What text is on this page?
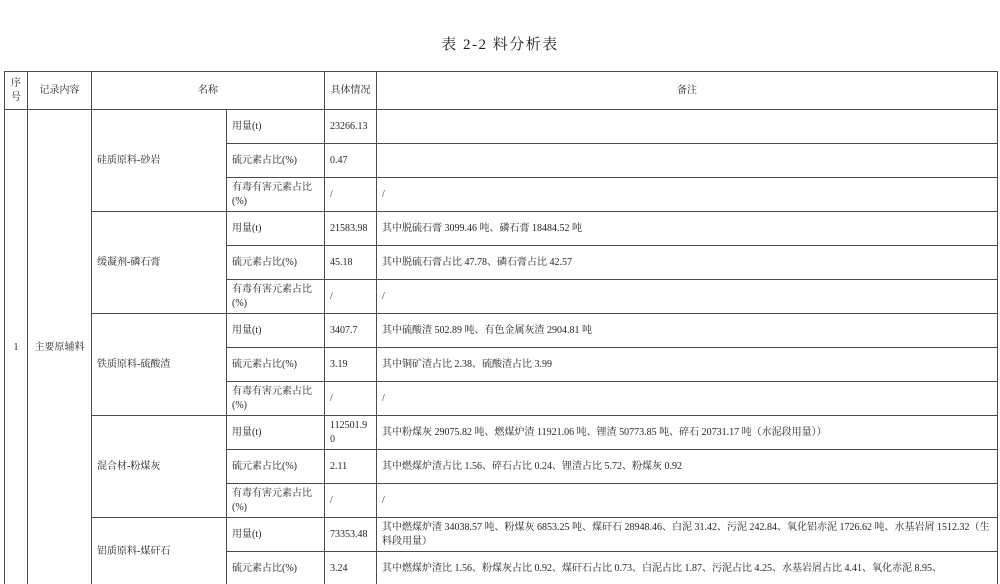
表 2-2 料分析表
序号	记录内容	名称		具体情况	备注
1	主要原辅料	硅质原料-砂岩	用量(t)	23266.13	
			硫元素占比(%)	0.47	
			有毒有害元素占比(%)	/	/
		缓凝剂-磷石膏	用量(t)	21583.98	其中脱硫石膏 3099.46 吨、磷石膏 18484.52 吨
			硫元素占比(%)	45.18	其中脱硫石膏占比 47.78、磷石膏占比 42.57
			有毒有害元素占比(%)	/	/
		铁质原料-硫酸渣	用量(t)	3407.7	其中硫酸渣 502.89 吨、有色金属灰渣 2904.81 吨
			硫元素占比(%)	3.19	其中铜矿渣占比 2.38、硫酸渣占比 3.99
			有毒有害元素占比(%)	/	/
		混合材-粉煤灰	用量(t)	112501.90	其中粉煤灰 29075.82 吨、燃煤炉渣 11921.06 吨、锂渣 50773.85 吨、碎石 20731.17 吨（水泥段用量））
			硫元素占比(%)	2.11	其中燃煤炉渣占比 1.56、碎石占比 0.24、锂渣占比 5.72、粉煤灰 0.92
			有毒有害元素占比(%)	/	/
		铝质原料-煤矸石	用量(t)	73353.48	其中燃煤炉渣 34038.57 吨、粉煤灰 6853.25 吨、煤矸石 28948.46、白泥 31.42、污泥 242.84、氧化铝赤泥 1726.62 吨、水基岩屑 1512.32（生料段用量）
			硫元素占比(%)	3.24	其中燃煤炉渣比 1.56、粉煤灰占比 0.92、煤矸石占比 0.73、白泥占比 1.87、污泥占比 4.25、水基岩屑占比 4.41、氧化赤泥 8.95、
